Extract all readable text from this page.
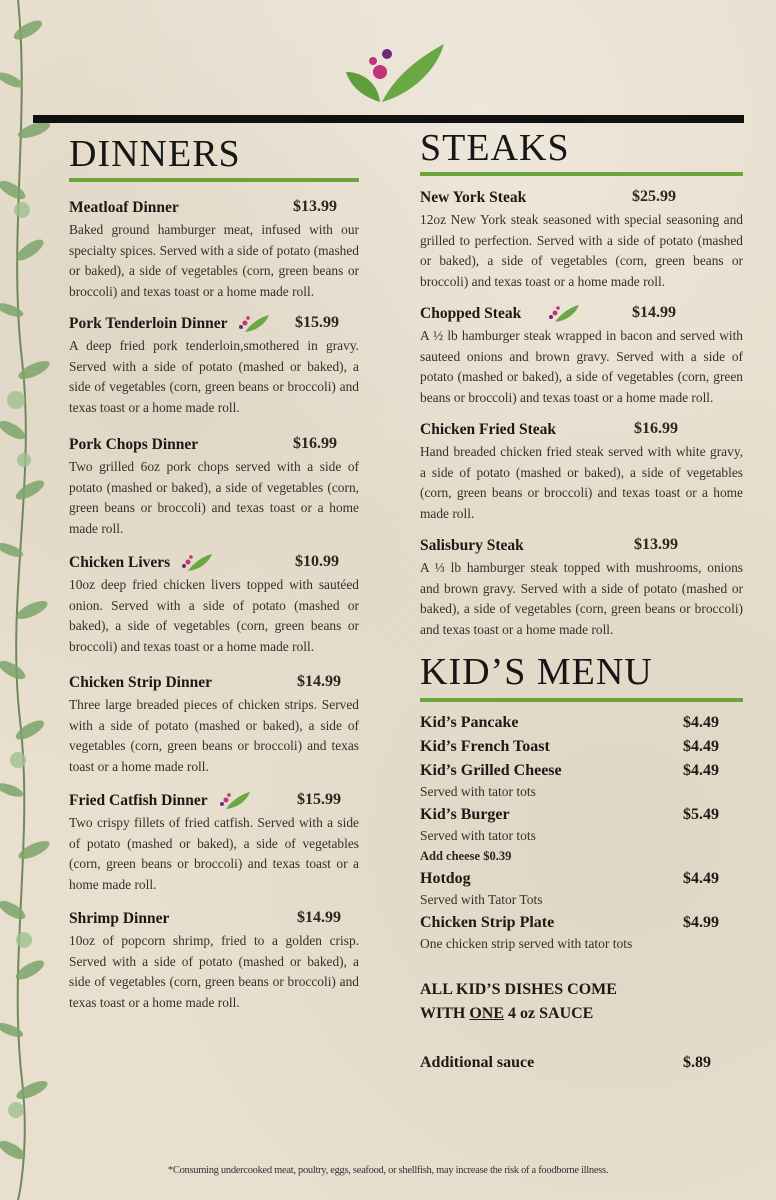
DINNERS
Meatloaf Dinner	$13.99
Baked ground hamburger meat, infused with our specialty spices. Served with a side of potato (mashed or baked), a side of vegetables (corn, green beans or broccoli) and texas toast or a home made roll.
Pork Tenderloin Dinner	$15.99
A deep fried pork tenderloin,smothered in gravy. Served with a side of potato (mashed or baked), a side of vegetables (corn, green beans or broccoli) and texas toast or a home made roll.
Pork Chops Dinner	$16.99
Two grilled 6oz pork chops served with a side of potato (mashed or baked), a side of vegetables (corn, green beans or broccoli) and texas toast or a home made roll.
Chicken Livers	$10.99
10oz deep fried chicken livers topped with sautéed onion. Served with a side of potato (mashed or baked), a side of vegetables (corn, green beans or broccoli) and texas toast or a home made roll.
Chicken Strip Dinner	$14.99
Three large breaded pieces of chicken strips. Served with a side of potato (mashed or baked), a side of vegetables (corn, green beans or broccoli) and texas toast or a home made roll.
Fried Catfish Dinner	$15.99
Two crispy fillets of fried catfish. Served with a side of potato (mashed or baked), a side of vegetables (corn, green beans or broccoli) and texas toast or a home made roll.
Shrimp Dinner	$14.99
10oz of popcorn shrimp, fried to a golden crisp. Served with a side of potato (mashed or baked), a side of vegetables (corn, green beans or broccoli) and texas toast or a home made roll.
STEAKS
New York Steak	$25.99
12oz New York steak seasoned with special seasoning and grilled to perfection. Served with a side of potato (mashed or baked), a side of vegetables (corn, green beans or broccoli) and texas toast or a home made roll.
Chopped Steak	$14.99
A ½ lb hamburger steak wrapped in bacon and served with sauteed onions and brown gravy. Served with a side of potato (mashed or baked), a side of vegetables (corn, green beans or broccoli) and texas toast or a home made roll.
Chicken Fried Steak	$16.99
Hand breaded chicken fried steak served with white gravy, a side of potato (mashed or baked), a side of vegetables (corn, green beans or broccoli) and texas toast or a home made roll.
Salisbury Steak	$13.99
A ⅓ lb hamburger steak topped with mushrooms, onions and brown gravy. Served with a side of potato (mashed or baked), a side of vegetables (corn, green beans or broccoli) and texas toast or a home made roll.
KID’S MENU
Kid’s Pancake	$4.49
Kid’s French Toast	$4.49
Kid’s Grilled Cheese	$4.49
Served with tator tots
Kid’s Burger	$5.49
Served with tator tots
Add cheese $0.39
Hotdog	$4.49
Served with Tator Tots
Chicken Strip Plate	$4.99
One chicken strip served with tator tots
ALL KID’S DISHES COME
WITH ONE 4 oz SAUCE
Additional sauce	$.89
*Consuming undercooked meat, poultry, eggs, seafood, or shellfish, may increase the risk of a foodborne illness.
